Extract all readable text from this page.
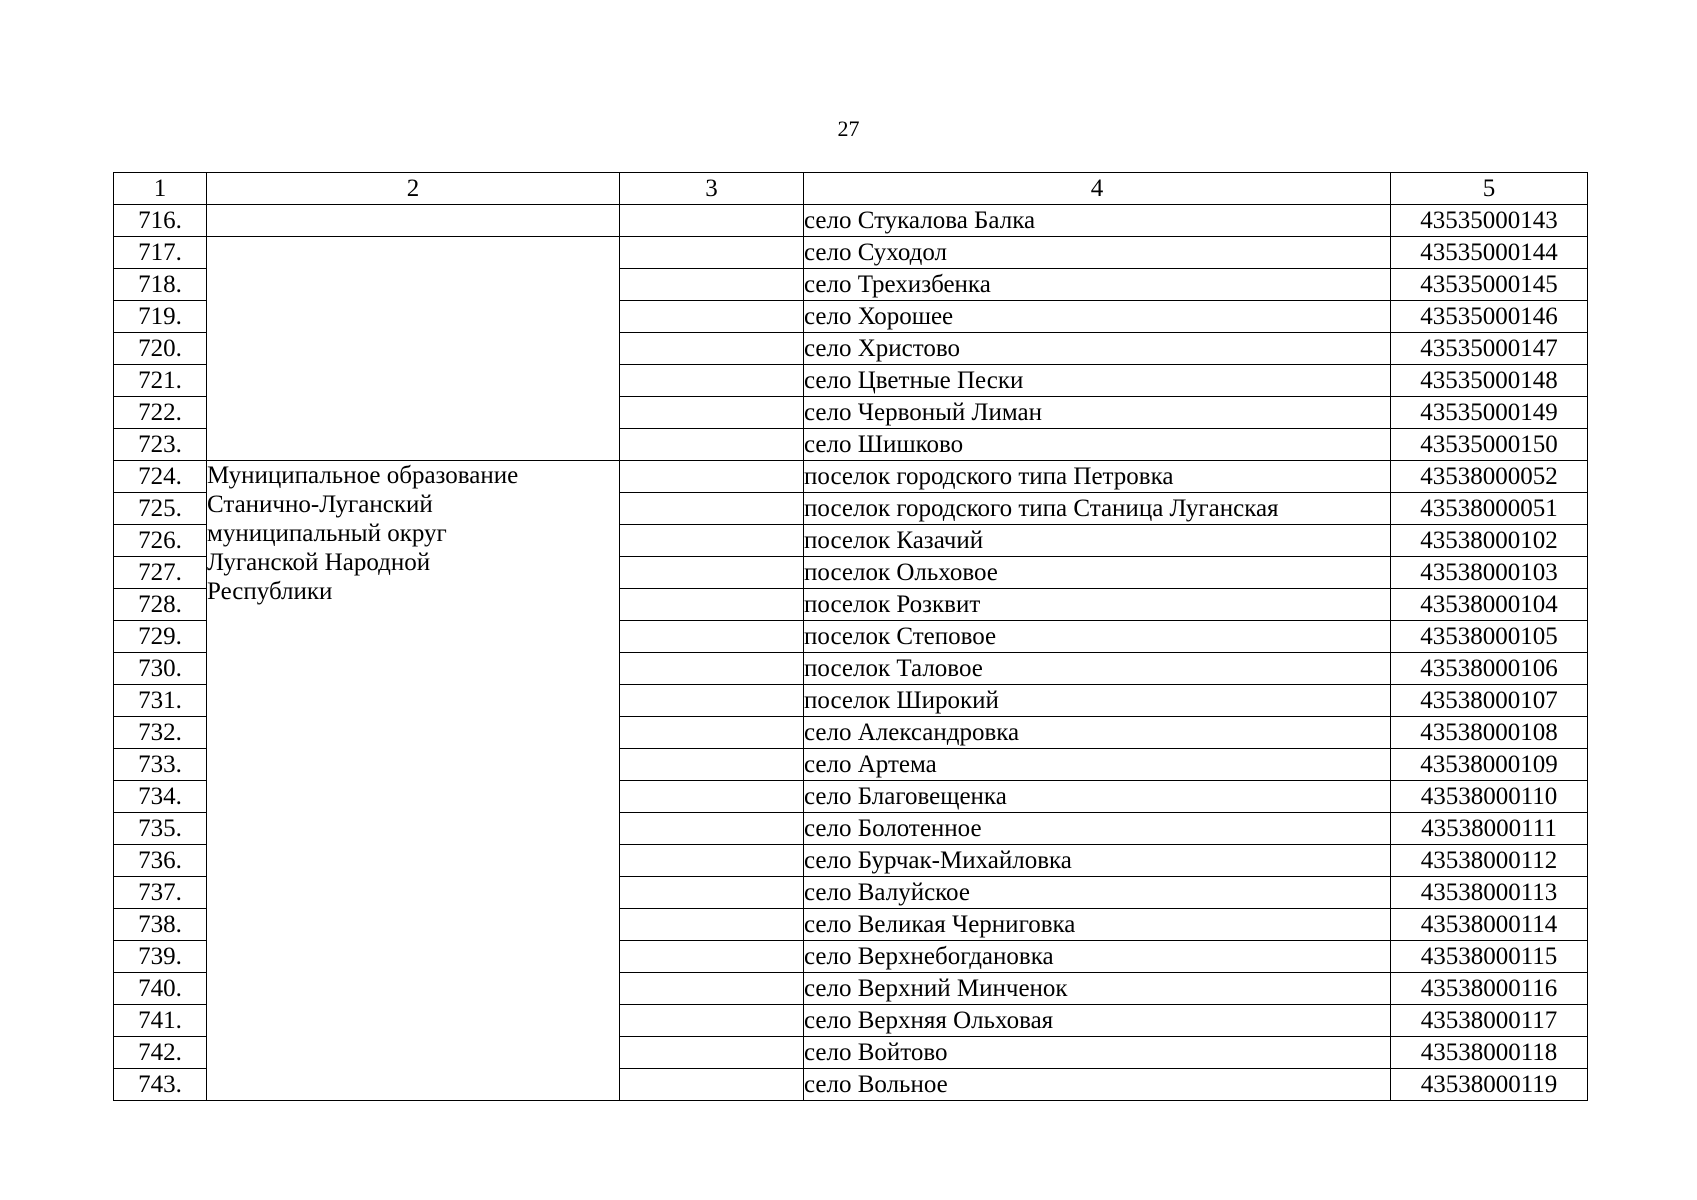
27
1	2	3	4	5
716.			село Стукалова Балка	43535000143
717.			село Суходол	43535000144
718.			село Трехизбенка	43535000145
719.			село Хорошее	43535000146
720.			село Христово	43535000147
721.			село Цветные Пески	43535000148
722.			село Червоный Лиман	43535000149
723.			село Шишково	43535000150
724.	Муниципальное образование
Станично-Луганский
муниципальный округ
Луганской Народной
Республики		поселок городского типа Петровка	43538000052
725.			поселок городского типа Станица Луганская	43538000051
726.			поселок Казачий	43538000102
727.			поселок Ольховое	43538000103
728.			поселок Розквит	43538000104
729.			поселок Степовое	43538000105
730.			поселок Таловое	43538000106
731.			поселок Широкий	43538000107
732.			село Александровка	43538000108
733.			село Артема	43538000109
734.			село Благовещенка	43538000110
735.			село Болотенное	43538000111
736.			село Бурчак-Михайловка	43538000112
737.			село Валуйское	43538000113
738.			село Великая Черниговка	43538000114
739.			село Верхнебогдановка	43538000115
740.			село Верхний Минченок	43538000116
741.			село Верхняя Ольховая	43538000117
742.			село Войтово	43538000118
743.			село Вольное	43538000119
